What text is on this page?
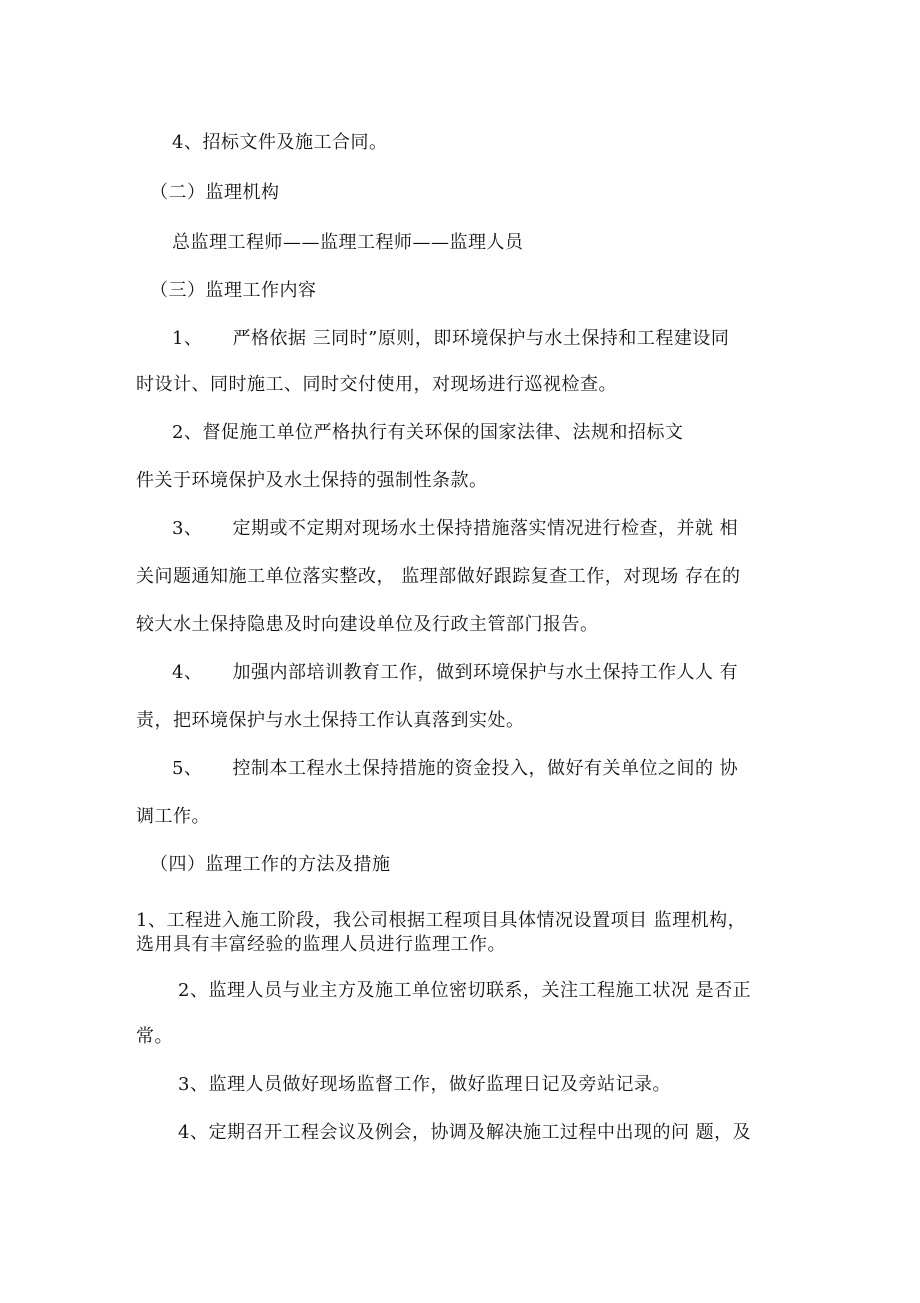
4、招标文件及施工合同。
（二）监理机构
总监理工程师——监理工程师——监理人员
（三）监理工作内容
1、 严格依据 三同时”原则，即环境保护与水土保持和工程建设同
时设计、同时施工、同时交付使用，对现场进行巡视检查。
2、督促施工单位严格执行有关环保的国家法律、法规和招标文
件关于环境保护及水土保持的强制性条款。
3、 定期或不定期对现场水土保持措施落实情况进行检查，并就 相
关问题通知施工单位落实整改， 监理部做好跟踪复查工作，对现场 存在的
较大水土保持隐患及时向建设单位及行政主管部门报告。
4、 加强内部培训教育工作，做到环境保护与水土保持工作人人 有
责，把环境保护与水土保持工作认真落到实处。
5、 控制本工程水土保持措施的资金投入，做好有关单位之间的 协
调工作。
（四）监理工作的方法及措施
1、工程进入施工阶段，我公司根据工程项目具体情况设置项目 监理机构，
选用具有丰富经验的监理人员进行监理工作。
2、监理人员与业主方及施工单位密切联系，关注工程施工状况 是否正
常。
3、监理人员做好现场监督工作，做好监理日记及旁站记录。
4、定期召开工程会议及例会，协调及解决施工过程中出现的问 题，及
